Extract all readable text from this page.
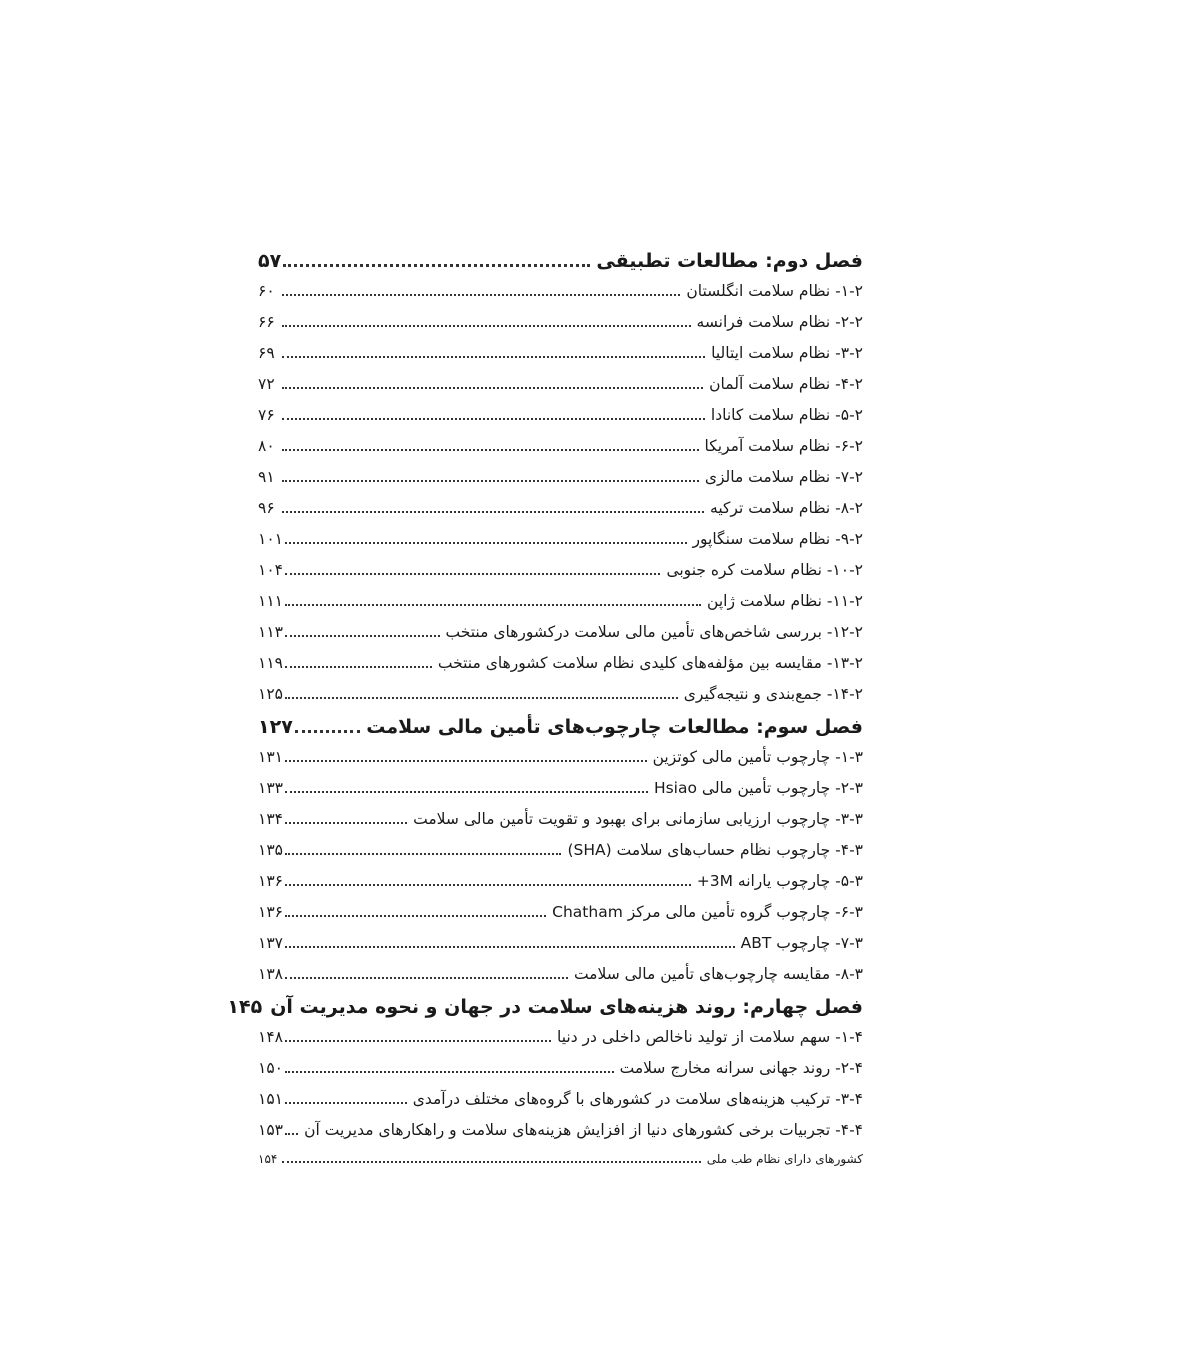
فصل دوم: مطالعات تطبیقی
۵۷
۱-۲- نظام سلامت انگلستان
۶۰
۲-۲- نظام سلامت فرانسه
۶۶
۳-۲- نظام سلامت ایتالیا
۶۹
۴-۲- نظام سلامت آلمان
۷۲
۵-۲- نظام سلامت کانادا
۷۶
۶-۲- نظام سلامت آمریکا
۸۰
۷-۲- نظام سلامت مالزی
۹۱
۸-۲- نظام سلامت ترکیه
۹۶
۹-۲- نظام سلامت سنگاپور
۱۰۱
۱۰-۲- نظام سلامت کره جنوبی
۱۰۴
۱۱-۲- نظام سلامت ژاپن
۱۱۱
۱۲-۲- بررسی شاخص‌های تأمین مالی سلامت درکشورهای منتخب
۱۱۳
۱۳-۲- مقایسه بین مؤلفه‌های کلیدی نظام سلامت کشورهای منتخب
۱۱۹
۱۴-۲- جمع‌بندی و نتیجه‌گیری
۱۲۵
فصل سوم: مطالعات چارچوب‌های تأمین مالی سلامت
۱۲۷
۱-۳- چارچوب تأمین مالی کوتزین
۱۳۱
۲-۳- چارچوب تأمین مالی Hsiao
۱۳۳
۳-۳- چارچوب ارزیابی سازمانی برای بهبود و تقویت تأمین مالی سلامت
۱۳۴
۴-۳- چارچوب نظام حساب‌های سلامت (SHA)
۱۳۵
۵-۳- چارچوب یارانه 3M+
۱۳۶
۶-۳- چارچوب گروه تأمین مالی مرکز Chatham
۱۳۶
۷-۳- چارچوب ABT
۱۳۷
۸-۳- مقایسه چارچوب‌های تأمین مالی سلامت
۱۳۸
فصل چهارم: روند هزینه‌های سلامت در جهان و نحوه مدیریت آن
۱۴۵
۱-۴- سهم سلامت از تولید ناخالص داخلی در دنیا
۱۴۸
۲-۴- روند جهانی سرانه مخارج سلامت
۱۵۰
۳-۴- ترکیب هزینه‌های سلامت در کشورهای با گروه‌های مختلف درآمدی
۱۵۱
۴-۴- تجربیات برخی کشورهای دنیا از افزایش هزینه‌های سلامت و راهکارهای مدیریت آن
۱۵۳
کشورهای دارای نظام طب ملی
۱۵۴
